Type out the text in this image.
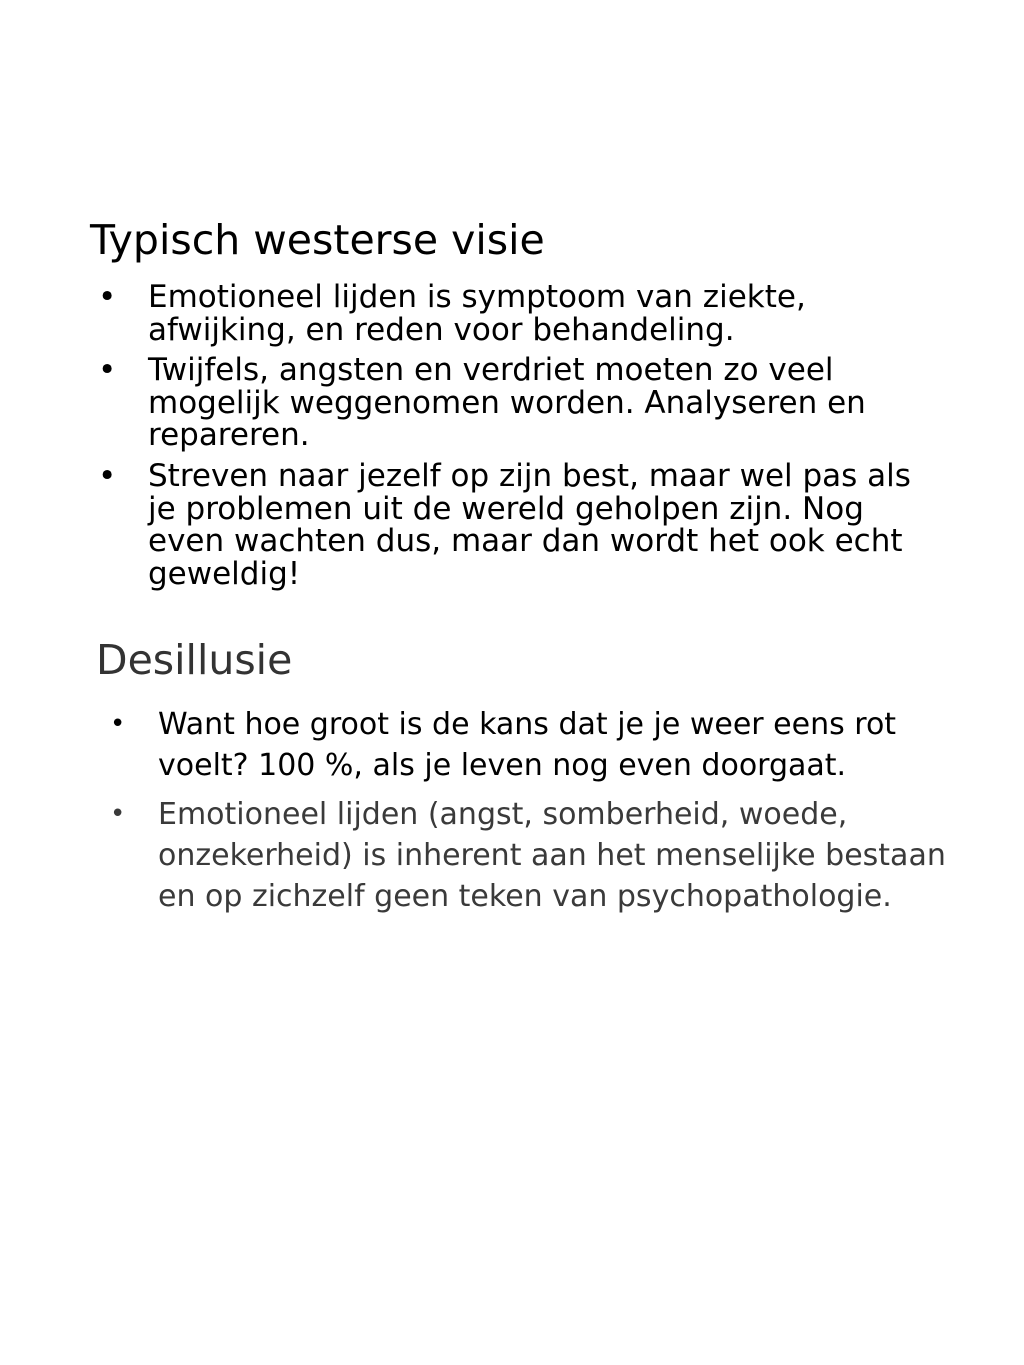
Typisch westerse visie
• Emotioneel lijden is symptoom van ziekte, afwijking, en reden voor behandeling.
• Twijfels, angsten en verdriet moeten zo veel mogelijk weggenomen worden. Analyseren en repareren.
• Streven naar jezelf op zijn best, maar wel pas als je problemen uit de wereld geholpen zijn. Nog even wachten dus, maar dan wordt het ook echt geweldig!
Desillusie
• Want hoe groot is de kans dat je je weer eens rot voelt? 100 %, als je leven nog even doorgaat.
• Emotioneel lijden (angst, somberheid, woede, onzekerheid) is inherent aan het menselijke bestaan en op zichzelf geen teken van psychopathologie.
